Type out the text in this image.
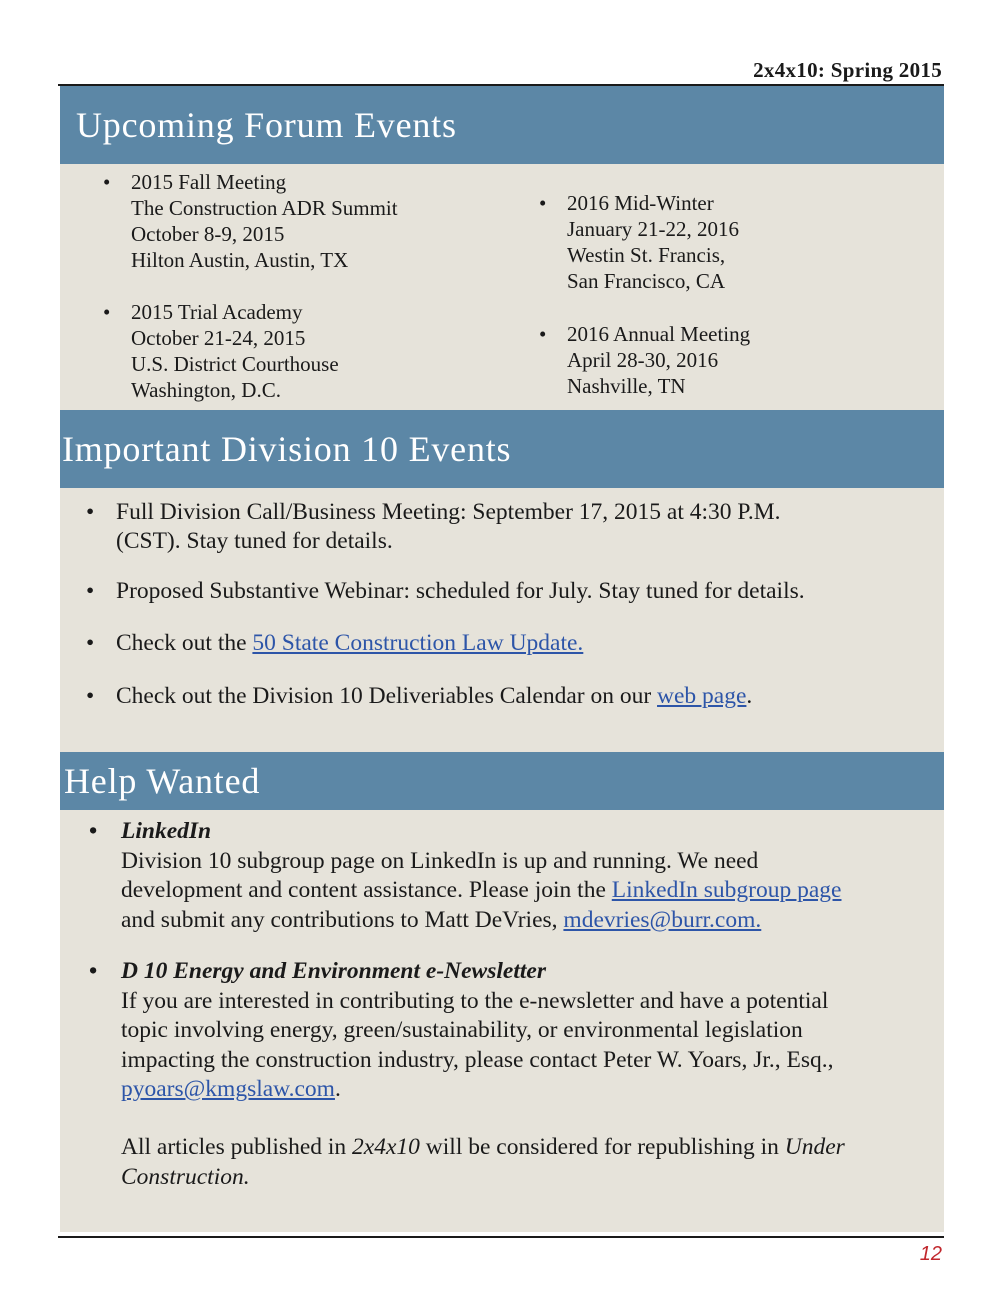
2x4x10: Spring 2015
Upcoming Forum Events
• 2015 Fall Meeting
The Construction ADR Summit
October 8-9, 2015
Hilton Austin, Austin, TX
• 2015 Trial Academy
October 21-24, 2015
U.S. District Courthouse
Washington, D.C.
• 2016 Mid-Winter
January 21-22, 2016
Westin St. Francis,
San Francisco, CA
• 2016 Annual Meeting
April 28-30, 2016
Nashville, TN
Important Division 10 Events
• Full Division Call/Business Meeting: September 17, 2015 at 4:30 P.M.
(CST). Stay tuned for details.
• Proposed Substantive Webinar: scheduled for July. Stay tuned for details.
• Check out the 50 State Construction Law Update.
• Check out the Division 10 Deliveriables Calendar on our web page.
Help Wanted
• LinkedIn
Division 10 subgroup page on LinkedIn is up and running. We need
development and content assistance. Please join the LinkedIn subgroup page
and submit any contributions to Matt DeVries, mdevries@burr.com.
• D 10 Energy and Environment e-Newsletter
If you are interested in contributing to the e-newsletter and have a potential
topic involving energy, green/sustainability, or environmental legislation
impacting the construction industry, please contact Peter W. Yoars, Jr., Esq.,
pyoars@kmgslaw.com.
All articles published in 2x4x10 will be considered for republishing in Under
Construction.
12
